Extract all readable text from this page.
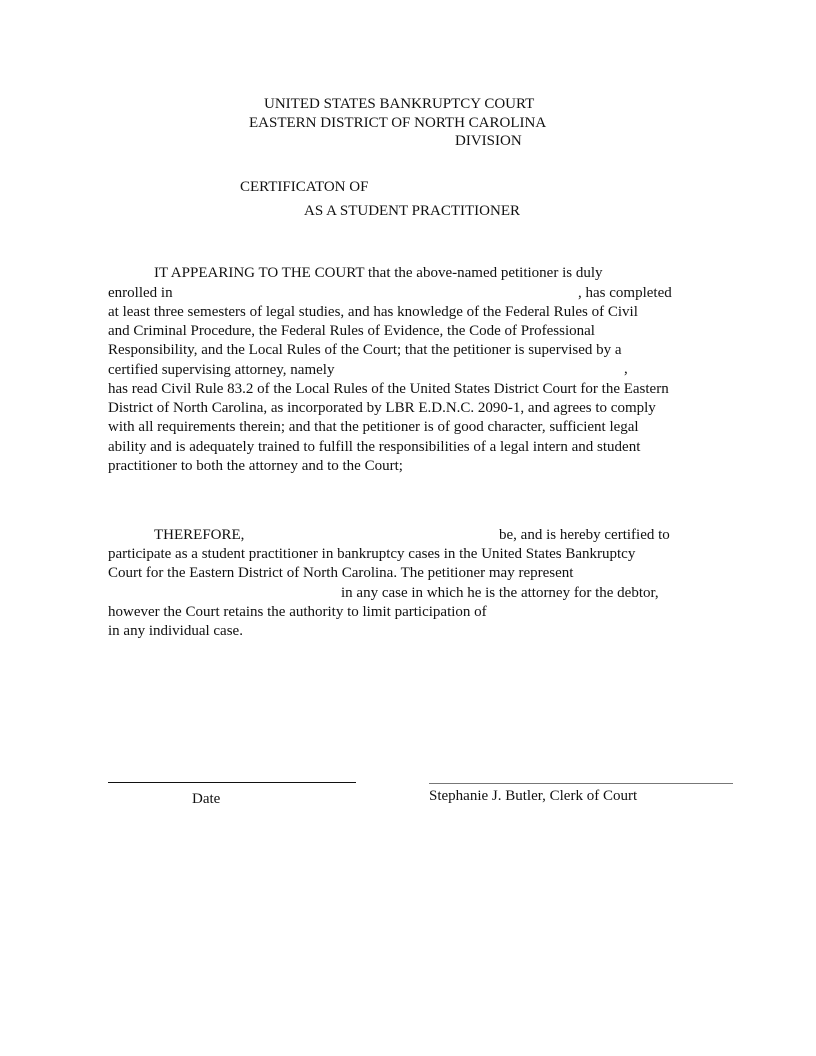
UNITED STATES BANKRUPTCY COURT
EASTERN DISTRICT OF NORTH CAROLINA
DIVISION
CERTIFICATON OF
AS A STUDENT PRACTITIONER
IT APPEARING TO THE COURT that the above-named petitioner is duly
enrolled in	, has completed
at least three semesters of legal studies, and has knowledge of the Federal Rules of Civil
and Criminal Procedure, the Federal Rules of Evidence, the Code of Professional
Responsibility, and the Local Rules of the Court; that the petitioner is supervised by a
certified supervising attorney, namely	,
has read Civil Rule 83.2 of the Local Rules of the United States District Court for the Eastern
District of North Carolina, as incorporated by LBR E.D.N.C. 2090-1, and agrees to comply
with all requirements therein; and that the petitioner is of good character, sufficient legal
ability and is adequately trained to fulfill the responsibilities of a legal intern and student
practitioner to both the attorney and to the Court;
THEREFORE,	be, and is hereby certified to
participate as a student practitioner in bankruptcy cases in the United States Bankruptcy
Court for the Eastern District of North Carolina. The petitioner may represent
in any case in which he is the attorney for the debtor,
however the Court retains the authority to limit participation of
in any individual case.
Date	Stephanie J. Butler, Clerk of Court
